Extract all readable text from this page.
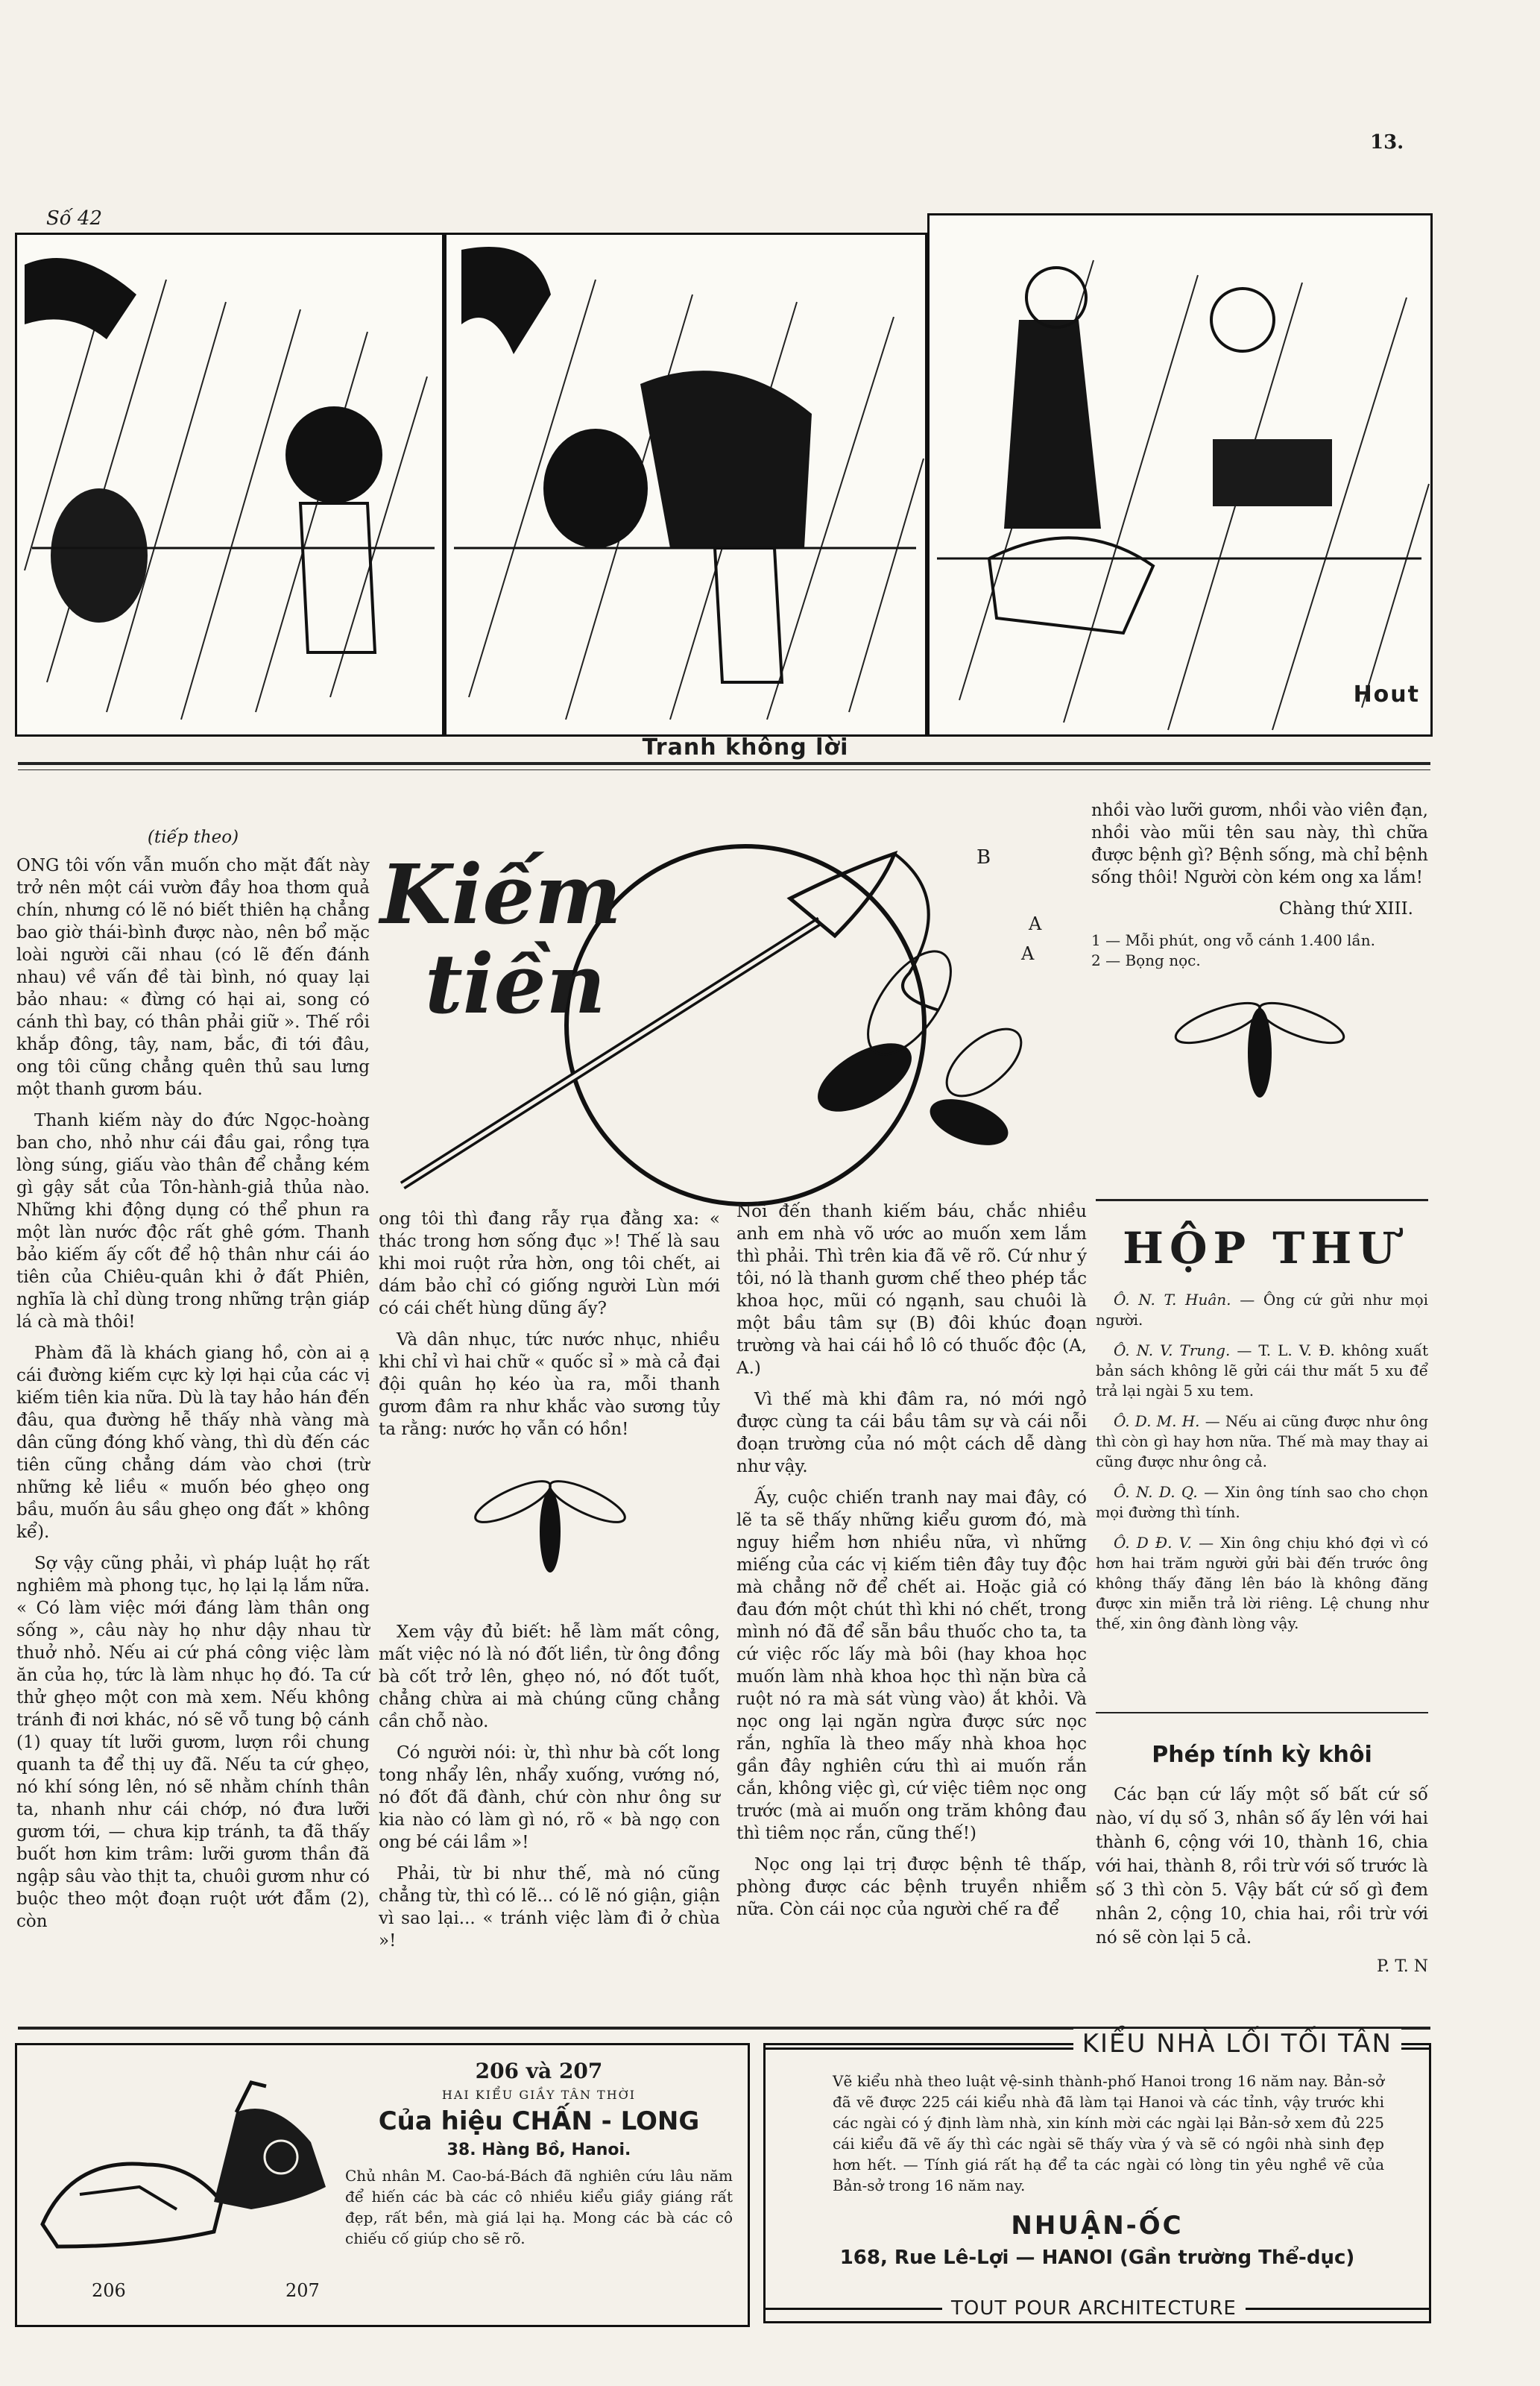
13.
Số 42
Hout
Tranh không lời
Kiếm
tiền
B
A
A
(tiếp theo)

ONG tôi vốn vẫn muốn cho mặt đất này trở nên một cái vườn đầy hoa thơm quả chín, nhưng có lẽ nó biết thiên hạ chẳng bao giờ thái-bình được nào, nên bổ mặc loài người cãi nhau (có lẽ đến đánh nhau) về vấn đề tài bình, nó quay lại bảo nhau: « đừng có hại ai, song có cánh thì bay, có thân phải giữ ». Thế rồi khắp đông, tây, nam, bắc, đi tới đâu, ong tôi cũng chẳng quên thủ sau lưng một thanh gươm báu.

Thanh kiếm này do đức Ngọc-hoàng ban cho, nhỏ như cái đầu gai, rồng tựa lòng súng, giấu vào thân để chẳng kém gì gậy sắt của Tôn-hành-giả thủa nào. Những khi động dụng có thể phun ra một làn nước độc rất ghê gớm. Thanh bảo kiếm ấy cốt để hộ thân như cái áo tiên của Chiêu-quân khi ở đất Phiên, nghĩa là chỉ dùng trong những trận giáp lá cà mà thôi!

Phàm đã là khách giang hồ, còn ai ạ cái đường kiếm cực kỳ lợi hại của các vị kiếm tiên kia nữa. Dù là tay hảo hán đến đâu, qua đường hễ thấy nhà vàng mà dân cũng đóng khố vàng, thì dù đến các tiên cũng chẳng dám vào chơi (trừ những kẻ liều « muốn béo ghẹo ong bầu, muốn âu sầu ghẹo ong đất » không kể).

Sợ vậy cũng phải, vì pháp luật họ rất nghiêm mà phong tục, họ lại lạ lắm nữa. « Có làm việc mới đáng làm thân ong sống », câu này họ như dậy nhau từ thuở nhỏ. Nếu ai cứ phá công việc làm ăn của họ, tức là làm nhục họ đó. Ta cứ thử ghẹo một con mà xem. Nếu không tránh đi nơi khác, nó sẽ vỗ tung bộ cánh (1) quay tít lưỡi gươm, lượn rồi chung quanh ta để thị uy đã. Nếu ta cứ ghẹo, nó khí sóng lên, nó sẽ nhằm chính thân ta, nhanh như cái chớp, nó đưa lưỡi gươm tới, — chưa kịp tránh, ta đã thấy buốt hơn kim trâm: lưỡi gươm thần đã ngập sâu vào thịt ta, chuôi gươm như có buộc theo một đoạn ruột ướt đẫm (2), còn

ong tôi thì đang rẫy rụa đằng xa: « thác trong hơn sống đục »! Thế là sau khi moi ruột rửa hờn, ong tôi chết, ai dám bảo chỉ có giống người Lùn mới có cái chết hùng dũng ấy?

Và dân nhục, tức nước nhục, nhiều khi chỉ vì hai chữ « quốc sỉ » mà cả đại đội quân họ kéo ùa ra, mỗi thanh gươm đâm ra như khắc vào sương tủy ta rằng: nước họ vẫn có hồn!

Xem vậy đủ biết: hễ làm mất công, mất việc nó là nó đốt liền, từ ông đồng bà cốt trở lên, ghẹo nó, nó đốt tuốt, chẳng chừa ai mà chúng cũng chẳng cần chỗ nào.

Có người nói: ừ, thì như bà cốt long tong nhẩy lên, nhẩy xuống, vướng nó, nó đốt đã đành, chứ còn như ông sư kia nào có làm gì nó, rõ « bà ngọ con ong bé cái lầm »!

Phải, từ bi như thế, mà nó cũng chẳng từ, thì có lẽ... có lẽ nó giận, giận vì sao lại... « tránh việc làm đi ở chùa »!

Nói đến thanh kiếm báu, chắc nhiều anh em nhà võ ước ao muốn xem lắm thì phải. Thì trên kia đã vẽ rõ. Cứ như ý tôi, nó là thanh gươm chế theo phép tắc khoa học, mũi có ngạnh, sau chuôi là một bầu tâm sự (B) đôi khúc đoạn trường và hai cái hồ lô có thuốc độc (A, A.)

Vì thế mà khi đâm ra, nó mới ngỏ được cùng ta cái bầu tâm sự và cái nỗi đoạn trường của nó một cách dễ dàng như vậy.

Ấy, cuộc chiến tranh nay mai đây, có lẽ ta sẽ thấy những kiểu gươm đó, mà nguy hiểm hơn nhiều nữa, vì những miếng của các vị kiếm tiên đây tuy độc mà chẳng nỡ để chết ai. Hoặc giả có đau đớn một chút thì khi nó chết, trong mình nó đã để sẵn bầu thuốc cho ta, ta cứ việc rốc lấy mà bôi (hay khoa học muốn làm nhà khoa học thì nặn bừa cả ruột nó ra mà sát vùng vào) ắt khỏi. Và nọc ong lại ngăn ngừa được sức nọc rắn, nghĩa là theo mấy nhà khoa học gần đây nghiên cứu thì ai muốn rắn cắn, không việc gì, cứ việc tiêm nọc ong trước (mà ai muốn ong trăm không đau thì tiêm nọc rắn, cũng thế!)

Nọc ong lại trị được bệnh tê thấp, phòng được các bệnh truyền nhiễm nữa. Còn cái nọc của người chế ra để

nhồi vào lưỡi gươm, nhồi vào viên đạn, nhồi vào mũi tên sau này, thì chữa được bệnh gì? Bệnh sống, mà chỉ bệnh sống thôi! Người còn kém ong xa lắm!

Chàng thứ XIII.
1 — Mỗi phút, ong vỗ cánh 1.400 lần.
2 — Bọng nọc.
HỘP THƯ
Ô. N. T. Huân. — Ông cứ gửi như mọi người.
Ô. N. V. Trung. — T. L. V. Đ. không xuất bản sách không lẽ gửi cái thư mất 5 xu để trả lại ngài 5 xu tem.
Ô. D. M. H. — Nếu ai cũng được như ông thì còn gì hay hơn nữa. Thế mà may thay ai cũng được như ông cả.
Ô. N. D. Q. — Xin ông tính sao cho chọn mọi đường thì tính.
Ô. D Đ. V. — Xin ông chịu khó đợi vì có hơn hai trăm người gửi bài đến trước ông không thấy đăng lên báo là không đăng được xin miễn trả lời riêng. Lệ chung như thế, xin ông đành lòng vậy.
Phép tính kỳ khôi
Các bạn cứ lấy một số bất cứ số nào, ví dụ số 3, nhân số ấy lên với hai thành 6, cộng với 10, thành 16, chia với hai, thành 8, rồi trừ với số trước là số 3 thì còn 5. Vậy bất cứ số gì đem nhân 2, cộng 10, chia hai, rồi trừ với nó sẽ còn lại 5 cả.
P. T. N
206	207
206 và 207
HAI KIỂU GIẦY TÂN THỜI
Của hiệu CHẤN - LONG
38. Hàng Bồ, Hanoi.
Chủ nhân M. Cao-bá-Bách đã nghiên cứu lâu năm để hiến các bà các cô nhiều kiểu giầy giáng rất đẹp, rất bền, mà giá lại hạ. Mong các bà các cô chiếu cố giúp cho sẽ rõ.
KIỂU NHÀ LỐI TỐI TÂN
Vẽ kiểu nhà theo luật vệ-sinh thành-phố Hanoi trong 16 năm nay. Bản-sở đã vẽ được 225 cái kiểu nhà đã làm tại Hanoi và các tỉnh, vậy trước khi các ngài có ý định làm nhà, xin kính mời các ngài lại Bản-sở xem đủ 225 cái kiểu đã vẽ ấy thì các ngài sẽ thấy vừa ý và sẽ có ngôi nhà sinh đẹp hơn hết. — Tính giá rất hạ để ta các ngài có lòng tin yêu nghề vẽ của Bản-sở trong 16 năm nay.
NHUẬN-ỐC
168, Rue Lê-Lợi — HANOI (Gần trường Thể-dục)
TOUT POUR ARCHITECTURE
